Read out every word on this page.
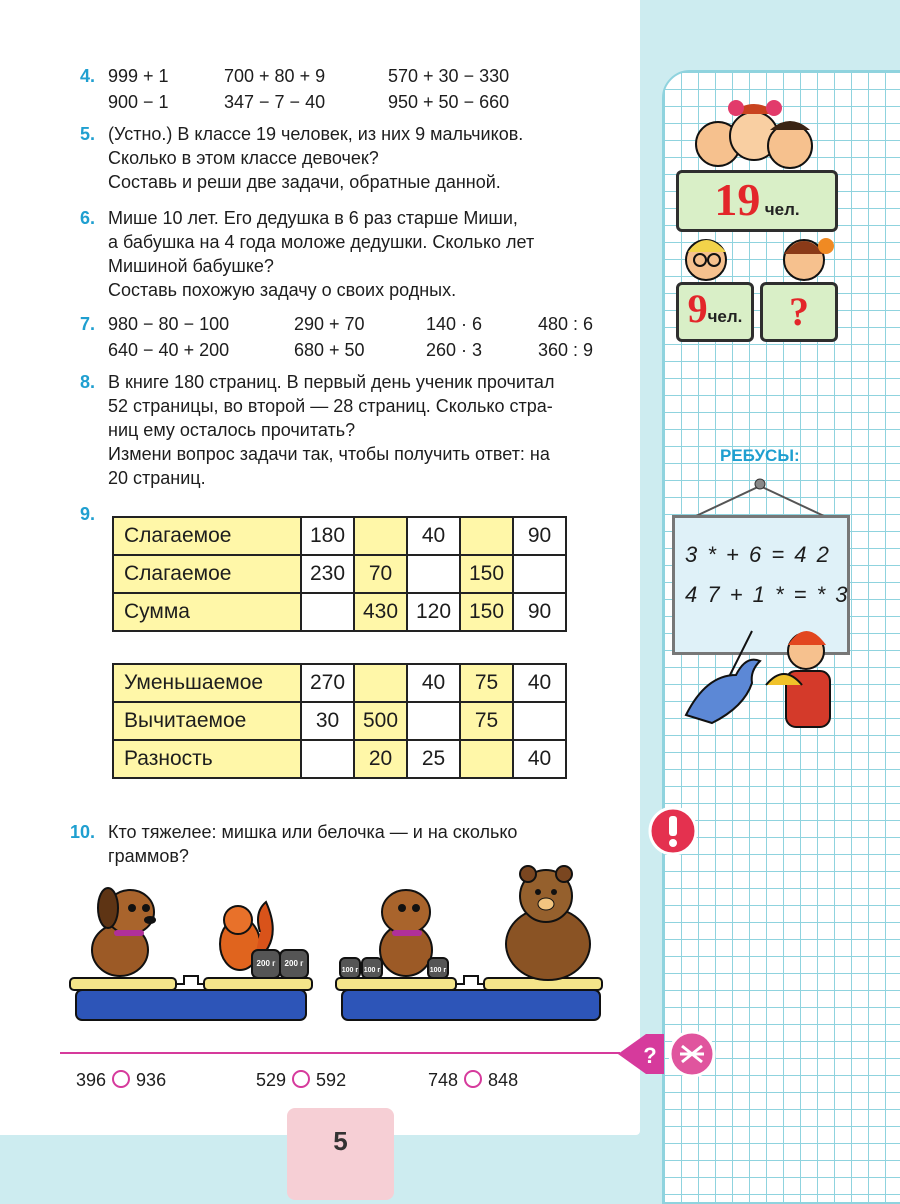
4. 999 + 1	700 + 80 + 9	570 + 30 − 330
900 − 1	347 − 7 − 40	950 + 50 − 660
5. (Устно.) В классе 19 человек, из них 9 мальчиков.
Сколько в этом классе девочек?
Составь и реши две задачи, обратные данной.
6. Мише 10 лет. Его дедушка в 6 раз старше Миши,
а бабушка на 4 года моложе дедушки. Сколько лет
Мишиной бабушке?
Составь похожую задачу о своих родных.
7. 980 − 80 − 100	290 + 70	140 · 6	480 : 6
640 − 40 + 200	680 + 50	260 · 3	360 : 9
8. В книге 180 страниц. В первый день ученик прочитал
52 страницы, во второй — 28 страниц. Сколько стра-
ниц ему осталось прочитать?
Измени вопрос задачи так, чтобы получить ответ: на
20 страниц.
9.
Слагаемое	180		40		90
Слагаемое	230	70		150	
Сумма		430	120	150	90
Уменьшаемое	270		40	75	40
Вычитаемое	30	500		75	
Разность		20	25		40
10. Кто тяжелее: мишка или белочка — и на сколько
граммов?
200 г 200 г
100 г 100 г	100 г
396 936	529 592	748 848
5
19 чел.
9чел.	?
РЕБУСЫ:
3 * + 6 = 4 2
4 7 + 1 * = * 3
?
